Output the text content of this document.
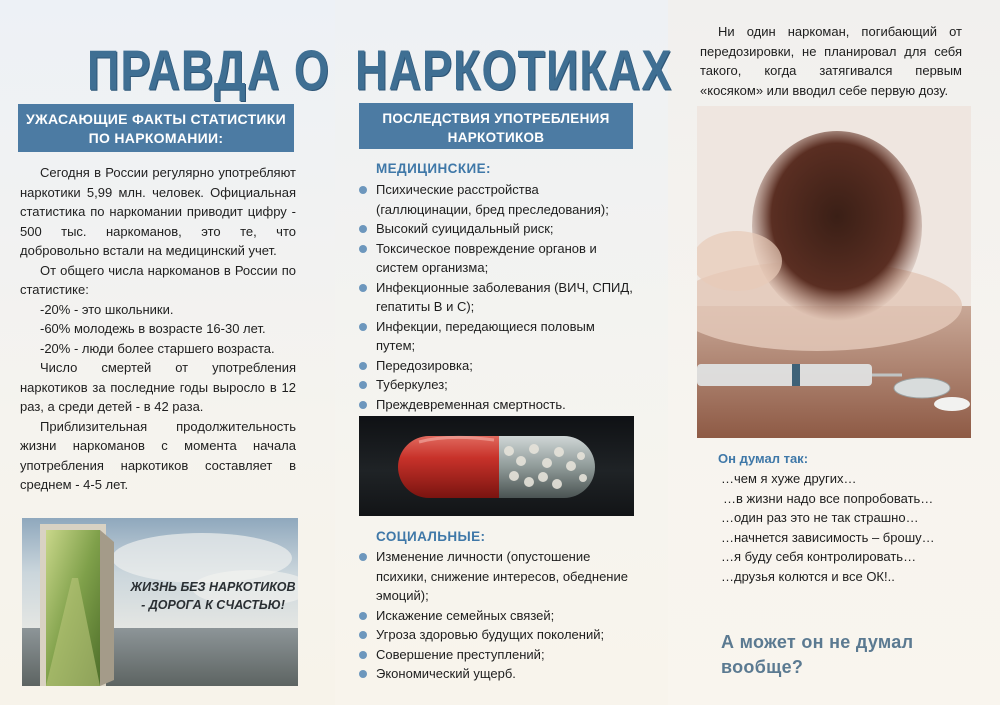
ПРАВДА О НАРКОТИКАХ
УЖАСАЮЩИЕ ФАКТЫ СТАТИСТИКИ ПО НАРКОМАНИИ:

Сегодня в России регулярно употребляют наркотики 5,99 млн. человек. Официальная статистика по наркомании приводит цифру - 500 тыс. наркоманов, это те, что добровольно встали на медицинский учет.

От общего числа наркоманов в России по статистике:

-20% - это школьники.

-60% молодежь в возрасте 16-30 лет.

-20% - люди более старшего возраста.

Число смертей от употребления наркотиков за последние годы выросло в 12 раз, а среди детей - в 42 раза.

Приблизительная продолжительность жизни наркоманов с момента начала употребления наркотиков составляет в среднем - 4-5 лет.

ЖИЗНЬ БЕЗ НАРКОТИКОВ - ДОРОГА К СЧАСТЬЮ!
ПОСЛЕДСТВИЯ УПОТРЕБЛЕНИЯ НАРКОТИКОВ
МЕДИЦИНСКИЕ:
Психические расстройства (галлюцинации, бред преследования);
Высокий суицидальный риск;
Токсическое повреждение органов и систем организма;
Инфекционные заболевания (ВИЧ, СПИД, гепатиты В и С);
Инфекции, передающиеся половым путем;
Передозировка;
Туберкулез;
Преждевременная смертность.
СОЦИАЛЬНЫЕ:
Изменение личности (опустошение психики, снижение интересов, обеднение эмоций);
Искажение семейных связей;
Угроза здоровью будущих поколений;
Совершение преступлений;
Экономический ущерб.
Ни один наркоман, погибающий от передозировки, не планировал для себя такого, когда затягивался первым «косяком» или вводил себе первую дозу.
Он думал так:
…чем я хуже других…
…в жизни надо все попробовать…
…один раз это не так страшно…
…начнется зависимость – брошу…
…я буду себя контролировать…
…друзья колются и все ОК!..
А может он не думал вообще?
